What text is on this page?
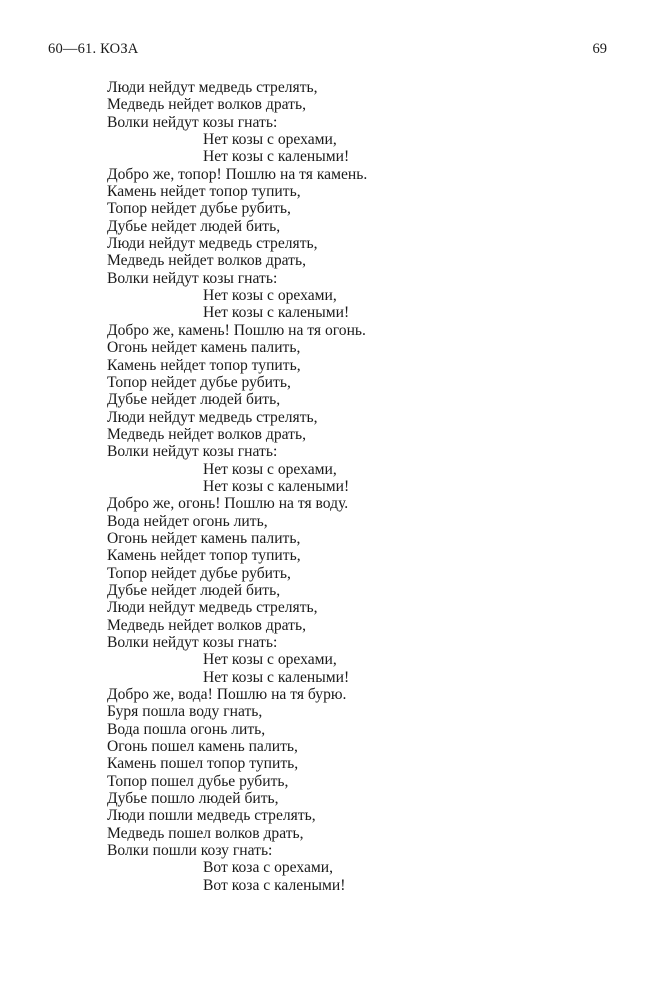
60—61. КОЗА	69
Люди нейдут медведь стрелять,
Медведь нейдет волков драть,
Волки нейдут козы гнать:
Нет козы с орехами,
Нет козы с калеными!
Добро же, топор! Пошлю на тя камень.
Камень нейдет топор тупить,
Топор нейдет дубье рубить,
Дубье нейдет людей бить,
Люди нейдут медведь стрелять,
Медведь нейдет волков драть,
Волки нейдут козы гнать:
Нет козы с орехами,
Нет козы с калеными!
Добро же, камень! Пошлю на тя огонь.
Огонь нейдет камень палить,
Камень нейдет топор тупить,
Топор нейдет дубье рубить,
Дубье нейдет людей бить,
Люди нейдут медведь стрелять,
Медведь нейдет волков драть,
Волки нейдут козы гнать:
Нет козы с орехами,
Нет козы с калеными!
Добро же, огонь! Пошлю на тя воду.
Вода нейдет огонь лить,
Огонь нейдет камень палить,
Камень нейдет топор тупить,
Топор нейдет дубье рубить,
Дубье нейдет людей бить,
Люди нейдут медведь стрелять,
Медведь нейдет волков драть,
Волки нейдут козы гнать:
Нет козы с орехами,
Нет козы с калеными!
Добро же, вода! Пошлю на тя бурю.
Буря пошла воду гнать,
Вода пошла огонь лить,
Огонь пошел камень палить,
Камень пошел топор тупить,
Топор пошел дубье рубить,
Дубье пошло людей бить,
Люди пошли медведь стрелять,
Медведь пошел волков драть,
Волки пошли козу гнать:
Вот коза с орехами,
Вот коза с калеными!
